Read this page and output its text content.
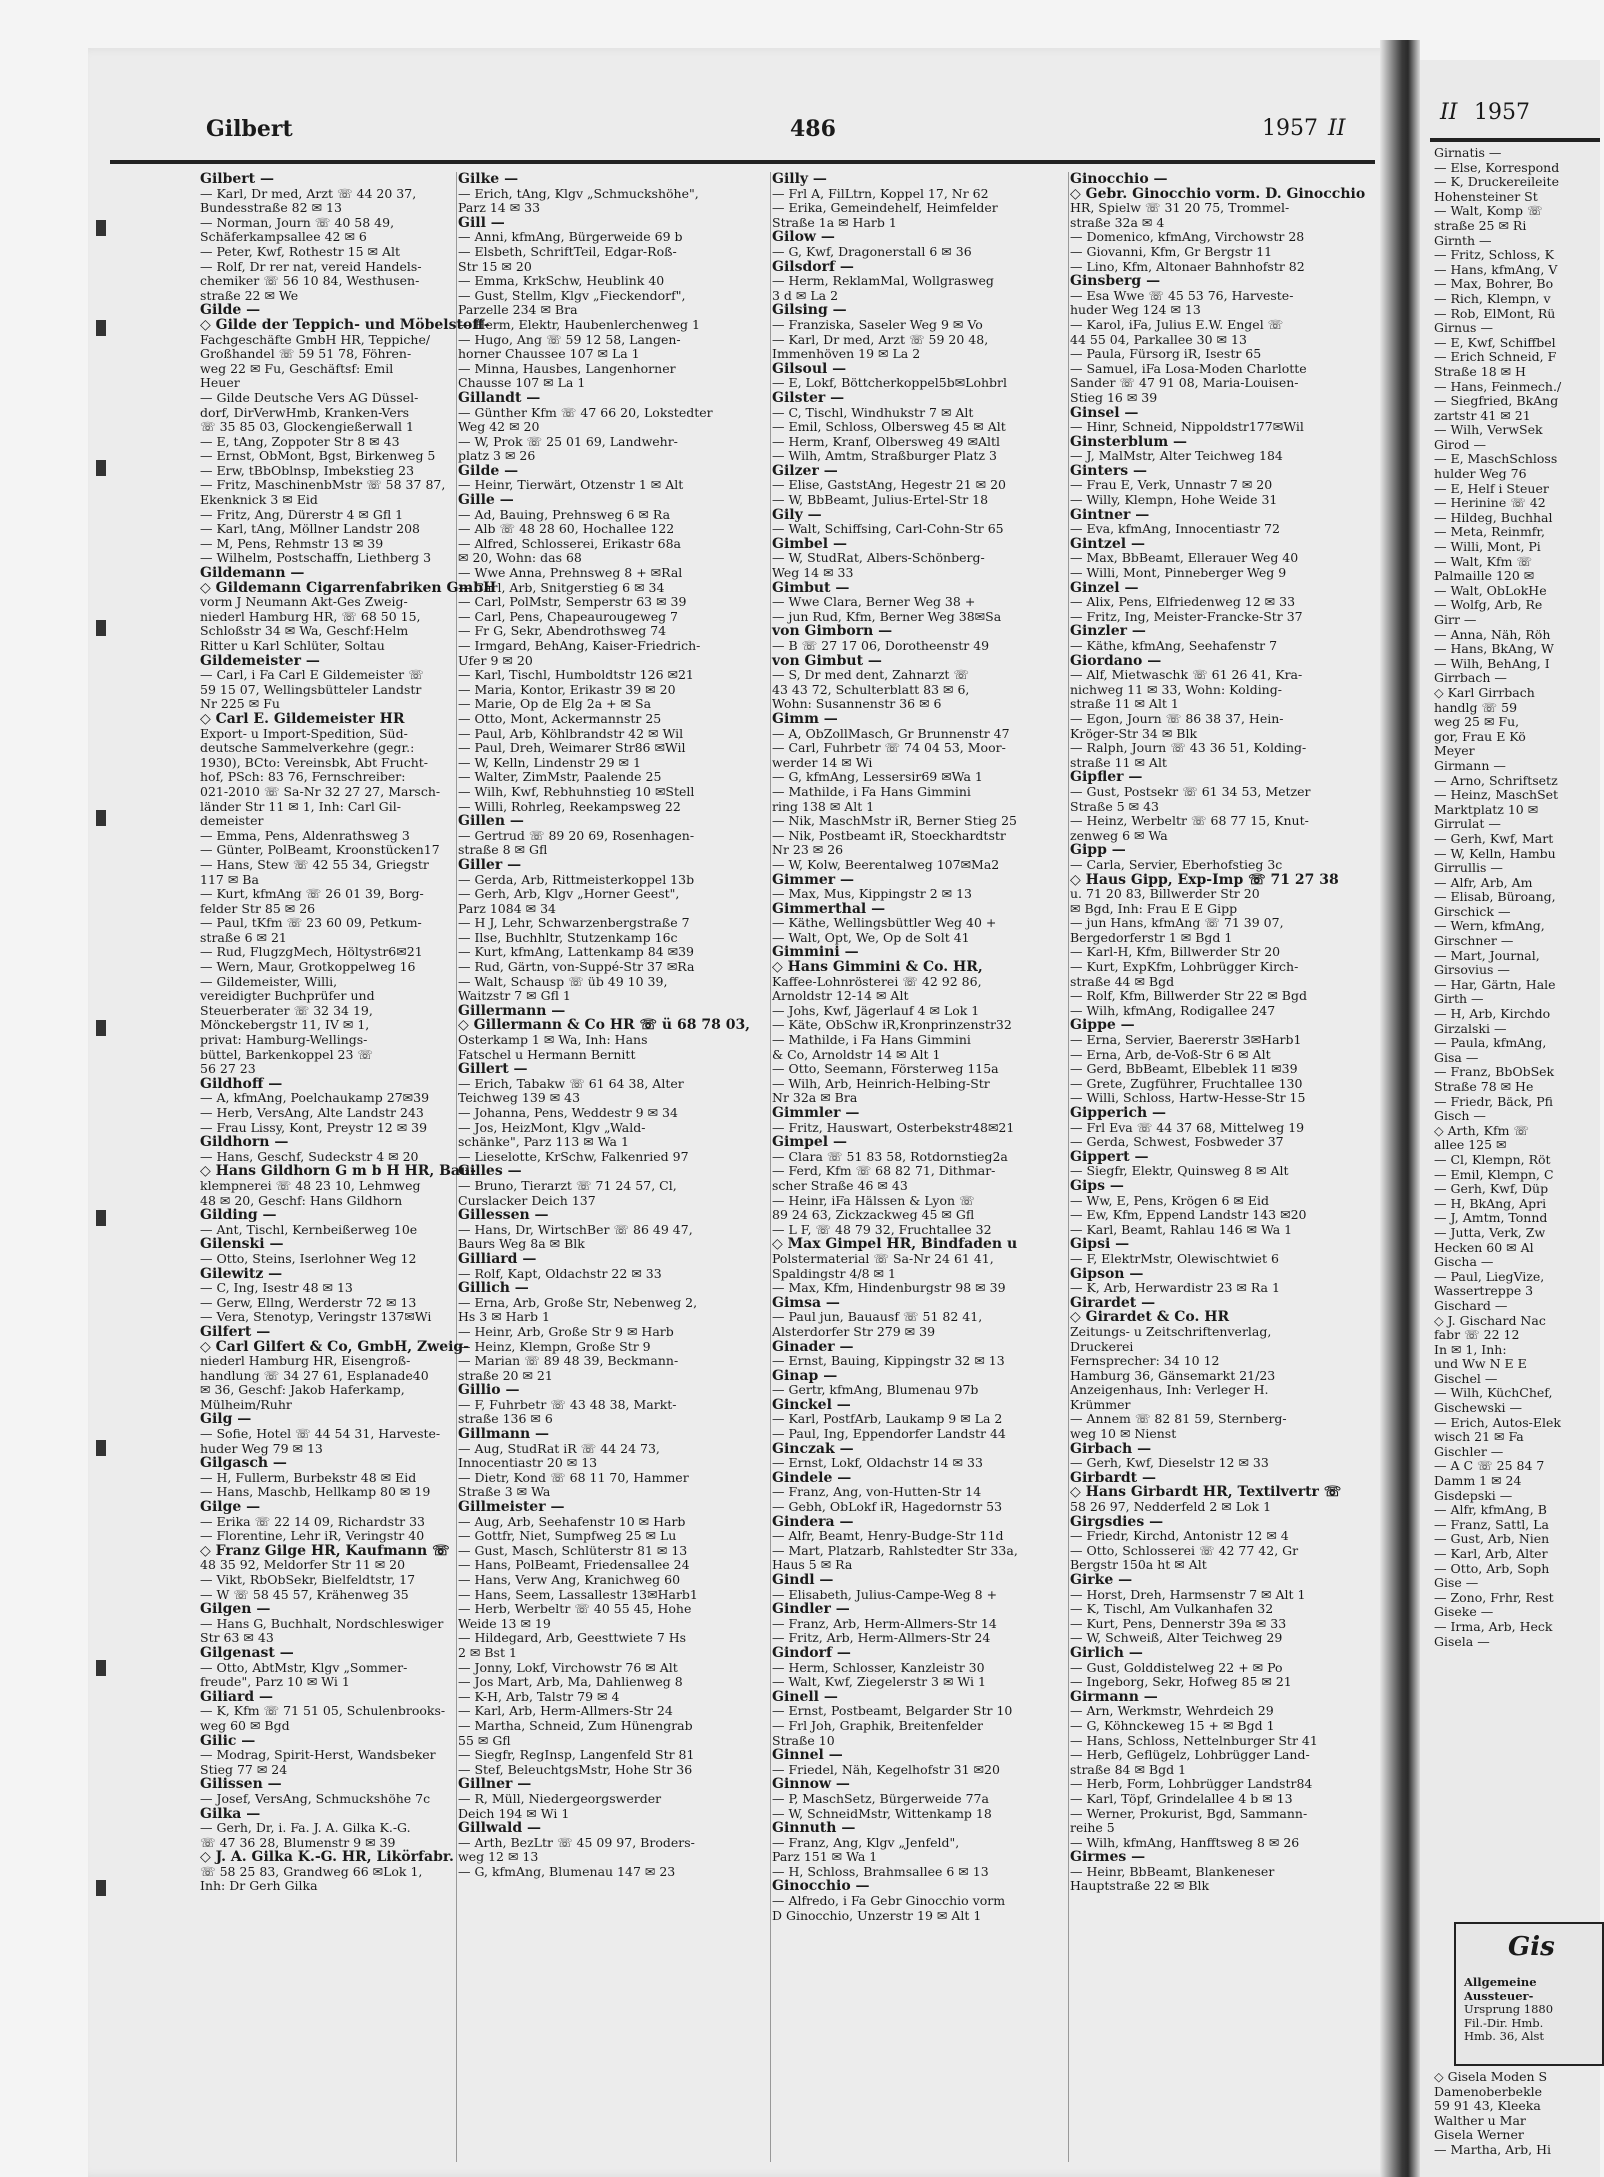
Gilbert	486	1957 II
Gilbert —
— Karl, Dr med, Arzt ☏ 44 20 37,
Bundesstraße 82 ✉ 13
— Norman, Journ ☏ 40 58 49,
Schäferkampsallee 42 ✉ 6
— Peter, Kwf, Rothestr 15 ✉ Alt
— Rolf, Dr rer nat, vereid Handels-
chemiker ☏ 56 10 84, Westhusen-
straße 22 ✉ We
Gilde —
◇ Gilde der Teppich- und Möbelstoff-
Fachgeschäfte GmbH HR, Teppiche/
Großhandel ☏ 59 51 78, Föhren-
weg 22 ✉ Fu, Geschäftsf: Emil
Heuer
— Gilde Deutsche Vers AG Düssel-
dorf, DirVerwHmb, Kranken-Vers
☏ 35 85 03, Glockengießerwall 1
— E, tAng, Zoppoter Str 8 ✉ 43
— Ernst, ObMont, Bgst, Birkenweg 5
— Erw, tBbOblnsp, Imbekstieg 23
— Fritz, MaschinenbMstr ☏ 58 37 87,
Ekenknick 3 ✉ Eid
— Fritz, Ang, Dürerstr 4 ✉ Gfl 1
— Karl, tAng, Möllner Landstr 208
— M, Pens, Rehmstr 13 ✉ 39
— Wilhelm, Postschaffn, Liethberg 3
Gildemann —
◇ Gildemann Cigarrenfabriken GmbH
vorm J Neumann Akt-Ges Zweig-
niederl Hamburg HR, ☏ 68 50 15,
Schloßstr 34 ✉ Wa, Geschf:Helm
Ritter u Karl Schlüter, Soltau
Gildemeister —
— Carl, i Fa Carl E Gildemeister ☏
59 15 07, Wellingsbütteler Landstr
Nr 225 ✉ Fu
◇ Carl E. Gildemeister HR
Export- u Import-Spedition, Süd-
deutsche Sammelverkehre (gegr.:
1930), BCto: Vereinsbk, Abt Frucht-
hof, PSch: 83 76, Fernschreiber:
021-2010 ☏ Sa-Nr 32 27 27, Marsch-
länder Str 11 ✉ 1, Inh: Carl Gil-
demeister
— Emma, Pens, Aldenrathsweg 3
— Günter, PolBeamt, Kroonstücken17
— Hans, Stew ☏ 42 55 34, Griegstr
117 ✉ Ba
— Kurt, kfmAng ☏ 26 01 39, Borg-
felder Str 85 ✉ 26
— Paul, tKfm ☏ 23 60 09, Petkum-
straße 6 ✉ 21
— Rud, FlugzgMech, Höltystr6✉21
— Wern, Maur, Grotkoppelweg 16
— Gildemeister, Willi,
vereidigter Buchprüfer und
Steuerberater ☏ 32 34 19,
Mönckebergstr 11, IV ✉ 1,
privat: Hamburg-Wellings-
büttel, Barkenkoppel 23 ☏
56 27 23
Gildhoff —
— A, kfmAng, Poelchaukamp 27✉39
— Herb, VersAng, Alte Landstr 243
— Frau Lissy, Kont, Preystr 12 ✉ 39
Gildhorn —
— Hans, Geschf, Sudeckstr 4 ✉ 20
◇ Hans Gildhorn G m b H HR, Bau-
klempnerei ☏ 48 23 10, Lehmweg
48 ✉ 20, Geschf: Hans Gildhorn
Gilding —
— Ant, Tischl, Kernbeißerweg 10e
Gilenski —
— Otto, Steins, Iserlohner Weg 12
Gilewitz —
— C, Ing, Isestr 48 ✉ 13
— Gerw, Ellng, Werderstr 72 ✉ 13
— Vera, Stenotyp, Veringstr 137✉Wi
Gilfert —
◇ Carl Gilfert & Co, GmbH, Zweig-
niederl Hamburg HR, Eisengroß-
handlung ☏ 34 27 61, Esplanade40
✉ 36, Geschf: Jakob Haferkamp,
Mülheim/Ruhr
Gilg —
— Sofie, Hotel ☏ 44 54 31, Harveste-
huder Weg 79 ✉ 13
Gilgasch —
— H, Fullerm, Burbekstr 48 ✉ Eid
— Hans, Maschb, Hellkamp 80 ✉ 19
Gilge —
— Erika ☏ 22 14 09, Richardstr 33
— Florentine, Lehr iR, Veringstr 40
◇ Franz Gilge HR, Kaufmann ☏
48 35 92, Meldorfer Str 11 ✉ 20
— Vikt, RbObSekr, Bielfeldtstr, 17
— W ☏ 58 45 57, Krähenweg 35
Gilgen —
— Hans G, Buchhalt, Nordschleswiger
Str 63 ✉ 43
Gilgenast —
— Otto, AbtMstr, Klgv „Sommer-
freude", Parz 10 ✉ Wi 1
Giliard —
— K, Kfm ☏ 71 51 05, Schulenbrooks-
weg 60 ✉ Bgd
Gilic —
— Modrag, Spirit-Herst, Wandsbeker
Stieg 77 ✉ 24
Gilissen —
— Josef, VersAng, Schmuckshöhe 7c
Gilka —
— Gerh, Dr, i. Fa. J. A. Gilka K.-G.
☏ 47 36 28, Blumenstr 9 ✉ 39
◇ J. A. Gilka K.-G. HR, Likörfabr.
☏ 58 25 83, Grandweg 66 ✉Lok 1,
Inh: Dr Gerh Gilka
Gilke —
— Erich, tAng, Klgv „Schmuckshöhe",
Parz 14 ✉ 33
Gill —
— Anni, kfmAng, Bürgerweide 69 b
— Elsbeth, SchriftTeil, Edgar-Roß-
Str 15 ✉ 20
— Emma, KrkSchw, Heublink 40
— Gust, Stellm, Klgv „Fieckendorf",
Parzelle 234 ✉ Bra
— Herm, Elektr, Haubenlerchenweg 1
— Hugo, Ang ☏ 59 12 58, Langen-
horner Chaussee 107 ✉ La 1
— Minna, Hausbes, Langenhorner
Chausse 107 ✉ La 1
Gillandt —
— Günther Kfm ☏ 47 66 20, Lokstedter
Weg 42 ✉ 20
— W, Prok ☏ 25 01 69, Landwehr-
platz 3 ✉ 26
Gilde —
— Heinr, Tierwärt, Otzenstr 1 ✉ Alt
Gille —
— Ad, Bauing, Prehnsweg 6 ✉ Ra
— Alb ☏ 48 28 60, Hochallee 122
— Alfred, Schlosserei, Erikastr 68a
✉ 20, Wohn: das 68
— Wwe Anna, Prehnsweg 8 + ✉Ral
— Carl, Arb, Snitgerstieg 6 ✉ 34
— Carl, PolMstr, Semperstr 63 ✉ 39
— Carl, Pens, Chapeaurougeweg 7
— Fr G, Sekr, Abendrothsweg 74
— Irmgard, BehAng, Kaiser-Friedrich-
Ufer 9 ✉ 20
— Karl, Tischl, Humboldtstr 126 ✉21
— Maria, Kontor, Erikastr 39 ✉ 20
— Marie, Op de Elg 2a + ✉ Sa
— Otto, Mont, Ackermannstr 25
— Paul, Arb, Köhlbrandstr 42 ✉ Wil
— Paul, Dreh, Weimarer Str86 ✉Wil
— W, Kelln, Lindenstr 29 ✉ 1
— Walter, ZimMstr, Paalende 25
— Wilh, Kwf, Rebhuhnstieg 10 ✉Stell
— Willi, Rohrleg, Reekampsweg 22
Gillen —
— Gertrud ☏ 89 20 69, Rosenhagen-
straße 8 ✉ Gfl
Giller —
— Gerda, Arb, Rittmeisterkoppel 13b
— Gerh, Arb, Klgv „Horner Geest",
Parz 1084 ✉ 34
— H J, Lehr, Schwarzenbergstraße 7
— Ilse, Buchhltr, Stutzenkamp 16c
— Kurt, kfmAng, Lattenkamp 84 ✉39
— Rud, Gärtn, von-Suppé-Str 37 ✉Ra
— Walt, Schausp ☏ üb 49 10 39,
Waitzstr 7 ✉ Gfl 1
Gillermann —
◇ Gillermann & Co HR ☏ ü 68 78 03,
Osterkamp 1 ✉ Wa, Inh: Hans
Fatschel u Hermann Bernitt
Gillert —
— Erich, Tabakw ☏ 61 64 38, Alter
Teichweg 139 ✉ 43
— Johanna, Pens, Weddestr 9 ✉ 34
— Jos, HeizMont, Klgv „Wald-
schänke", Parz 113 ✉ Wa 1
— Lieselotte, KrSchw, Falkenried 97
Gilles —
— Bruno, Tierarzt ☏ 71 24 57, Cl,
Curslacker Deich 137
Gillessen —
— Hans, Dr, WirtschBer ☏ 86 49 47,
Baurs Weg 8a ✉ Blk
Gilliard —
— Rolf, Kapt, Oldachstr 22 ✉ 33
Gillich —
— Erna, Arb, Große Str, Nebenweg 2,
Hs 3 ✉ Harb 1
— Heinr, Arb, Große Str 9 ✉ Harb
— Heinz, Klempn, Große Str 9
— Marian ☏ 89 48 39, Beckmann-
straße 20 ✉ 21
Gillio —
— F, Fuhrbetr ☏ 43 48 38, Markt-
straße 136 ✉ 6
Gillmann —
— Aug, StudRat iR ☏ 44 24 73,
Innocentiastr 20 ✉ 13
— Dietr, Kond ☏ 68 11 70, Hammer
Straße 3 ✉ Wa
Gillmeister —
— Aug, Arb, Seehafenstr 10 ✉ Harb
— Gottfr, Niet, Sumpfweg 25 ✉ Lu
— Gust, Masch, Schlüterstr 81 ✉ 13
— Hans, PolBeamt, Friedensallee 24
— Hans, Verw Ang, Kranichweg 60
— Hans, Seem, Lassallestr 13✉Harb1
— Herb, Werbeltr ☏ 40 55 45, Hohe
Weide 13 ✉ 19
— Hildegard, Arb, Geesttwiete 7 Hs
2 ✉ Bst 1
— Jonny, Lokf, Virchowstr 76 ✉ Alt
— Jos Mart, Arb, Ma, Dahlienweg 8
— K-H, Arb, Talstr 79 ✉ 4
— Karl, Arb, Herm-Allmers-Str 24
— Martha, Schneid, Zum Hünengrab
55 ✉ Gfl
— Siegfr, RegInsp, Langenfeld Str 81
— Stef, BeleuchtgsMstr, Hohe Str 36
Gillner —
— R, Müll, Niedergeorgswerder
Deich 194 ✉ Wi 1
Gillwald —
— Arth, BezLtr ☏ 45 09 97, Broders-
weg 12 ✉ 13
— G, kfmAng, Blumenau 147 ✉ 23
Gilly —
— Frl A, FilLtrn, Koppel 17, Nr 62
— Erika, Gemeindehelf, Heimfelder
Straße 1a ✉ Harb 1
Gilow —
— G, Kwf, Dragonerstall 6 ✉ 36
Gilsdorf —
— Herm, ReklamMal, Wollgrasweg
3 d ✉ La 2
Gilsing —
— Franziska, Saseler Weg 9 ✉ Vo
— Karl, Dr med, Arzt ☏ 59 20 48,
Immenhöven 19 ✉ La 2
Gilsoul —
— E, Lokf, Böttcherkoppel5b✉Lohbrl
Gilster —
— C, Tischl, Windhukstr 7 ✉ Alt
— Emil, Schloss, Olbersweg 45 ✉ Alt
— Herm, Kranf, Olbersweg 49 ✉Altl
— Wilh, Amtm, Straßburger Platz 3
Gilzer —
— Elise, GaststAng, Hegestr 21 ✉ 20
— W, BbBeamt, Julius-Ertel-Str 18
Gily —
— Walt, Schiffsing, Carl-Cohn-Str 65
Gimbel —
— W, StudRat, Albers-Schönberg-
Weg 14 ✉ 33
Gimbut —
— Wwe Clara, Berner Weg 38 +
— jun Rud, Kfm, Berner Weg 38✉Sa
von Gimborn —
— B ☏ 27 17 06, Dorotheenstr 49
von Gimbut —
— S, Dr med dent, Zahnarzt ☏
43 43 72, Schulterblatt 83 ✉ 6,
Wohn: Susannenstr 36 ✉ 6
Gimm —
— A, ObZollMasch, Gr Brunnenstr 47
— Carl, Fuhrbetr ☏ 74 04 53, Moor-
werder 14 ✉ Wi
— G, kfmAng, Lessersir69 ✉Wa 1
— Mathilde, i Fa Hans Gimmini
ring 138 ✉ Alt 1
— Nik, MaschMstr iR, Berner Stieg 25
— Nik, Postbeamt iR, Stoeckhardtstr
Nr 23 ✉ 26
— W, Kolw, Beerentalweg 107✉Ma2
Gimmer —
— Max, Mus, Kippingstr 2 ✉ 13
Gimmerthal —
— Käthe, Wellingsbüttler Weg 40 +
— Walt, Opt, We, Op de Solt 41
Gimmini —
◇ Hans Gimmini & Co. HR,
Kaffee-Lohnrösterei ☏ 42 92 86,
Arnoldstr 12-14 ✉ Alt
— Johs, Kwf, Jägerlauf 4 ✉ Lok 1
— Käte, ObSchw iR,Kronprinzenstr32
— Mathilde, i Fa Hans Gimmini
& Co, Arnoldstr 14 ✉ Alt 1
— Otto, Seemann, Försterweg 115a
— Wilh, Arb, Heinrich-Helbing-Str
Nr 32a ✉ Bra
Gimmler —
— Fritz, Hauswart, Osterbekstr48✉21
Gimpel —
— Clara ☏ 51 83 58, Rotdornstieg2a
— Ferd, Kfm ☏ 68 82 71, Dithmar-
scher Straße 46 ✉ 43
— Heinr, iFa Hälssen & Lyon ☏
89 24 63, Zickzackweg 45 ✉ Gfl
— L F, ☏ 48 79 32, Fruchtallee 32
◇ Max Gimpel HR, Bindfaden u
Polstermaterial ☏ Sa-Nr 24 61 41,
Spaldingstr 4/8 ✉ 1
— Max, Kfm, Hindenburgstr 98 ✉ 39
Gimsa —
— Paul jun, Bauausf ☏ 51 82 41,
Alsterdorfer Str 279 ✉ 39
Ginader —
— Ernst, Bauing, Kippingstr 32 ✉ 13
Ginap —
— Gertr, kfmAng, Blumenau 97b
Ginckel —
— Karl, PostfArb, Laukamp 9 ✉ La 2
— Paul, Ing, Eppendorfer Landstr 44
Ginczak —
— Ernst, Lokf, Oldachstr 14 ✉ 33
Gindele —
— Franz, Ang, von-Hutten-Str 14
— Gebh, ObLokf iR, Hagedornstr 53
Gindera —
— Alfr, Beamt, Henry-Budge-Str 11d
— Mart, Platzarb, Rahlstedter Str 33a,
Haus 5 ✉ Ra
Gindl —
— Elisabeth, Julius-Campe-Weg 8 +
Gindler —
— Franz, Arb, Herm-Allmers-Str 14
— Fritz, Arb, Herm-Allmers-Str 24
Gindorf —
— Herm, Schlosser, Kanzleistr 30
— Walt, Kwf, Ziegelerstr 3 ✉ Wi 1
Ginell —
— Ernst, Postbeamt, Belgarder Str 10
— Frl Joh, Graphik, Breitenfelder
Straße 10
Ginnel —
— Friedel, Näh, Kegelhofstr 31 ✉20
Ginnow —
— P, MaschSetz, Bürgerweide 77a
— W, SchneidMstr, Wittenkamp 18
Ginnuth —
— Franz, Ang, Klgv „Jenfeld",
Parz 151 ✉ Wa 1
— H, Schloss, Brahmsallee 6 ✉ 13
Ginocchio —
— Alfredo, i Fa Gebr Ginocchio vorm
D Ginocchio, Unzerstr 19 ✉ Alt 1
Ginocchio —
◇ Gebr. Ginocchio vorm. D. Ginocchio
HR, Spielw ☏ 31 20 75, Trommel-
straße 32a ✉ 4
— Domenico, kfmAng, Virchowstr 28
— Giovanni, Kfm, Gr Bergstr 11
— Lino, Kfm, Altonaer Bahnhofstr 82
Ginsberg —
— Esa Wwe ☏ 45 53 76, Harveste-
huder Weg 124 ✉ 13
— Karol, iFa, Julius E.W. Engel ☏
44 55 04, Parkallee 30 ✉ 13
— Paula, Fürsorg iR, Isestr 65
— Samuel, iFa Losa-Moden Charlotte
Sander ☏ 47 91 08, Maria-Louisen-
Stieg 16 ✉ 39
Ginsel —
— Hinr, Schneid, Nippoldstr177✉Wil
Ginsterblum —
— J, MalMstr, Alter Teichweg 184
Ginters —
— Frau E, Verk, Unnastr 7 ✉ 20
— Willy, Klempn, Hohe Weide 31
Gintner —
— Eva, kfmAng, Innocentiastr 72
Gintzel —
— Max, BbBeamt, Ellerauer Weg 40
— Willi, Mont, Pinneberger Weg 9
Ginzel —
— Alix, Pens, Elfriedenweg 12 ✉ 33
— Fritz, Ing, Meister-Francke-Str 37
Ginzler —
— Käthe, kfmAng, Seehafenstr 7
Giordano —
— Alf, Mietwaschk ☏ 61 26 41, Kra-
nichweg 11 ✉ 33, Wohn: Kolding-
straße 11 ✉ Alt 1
— Egon, Journ ☏ 86 38 37, Hein-
Kröger-Str 34 ✉ Blk
— Ralph, Journ ☏ 43 36 51, Kolding-
straße 11 ✉ Alt
Gipfler —
— Gust, Postsekr ☏ 61 34 53, Metzer
Straße 5 ✉ 43
— Heinz, Werbeltr ☏ 68 77 15, Knut-
zenweg 6 ✉ Wa
Gipp —
— Carla, Servier, Eberhofstieg 3c
◇ Haus Gipp, Exp-Imp ☏ 71 27 38
u. 71 20 83, Billwerder Str 20
✉ Bgd, Inh: Frau E E Gipp
— jun Hans, kfmAng ☏ 71 39 07,
Bergedorferstr 1 ✉ Bgd 1
— Karl-H, Kfm, Billwerder Str 20
— Kurt, ExpKfm, Lohbrügger Kirch-
straße 44 ✉ Bgd
— Rolf, Kfm, Billwerder Str 22 ✉ Bgd
— Wilh, kfmAng, Rodigallee 247
Gippe —
— Erna, Servier, Baererstr 3✉Harb1
— Erna, Arb, de-Voß-Str 6 ✉ Alt
— Gerd, BbBeamt, Elbeblek 11 ✉39
— Grete, Zugführer, Fruchtallee 130
— Willi, Schloss, Hartw-Hesse-Str 15
Gipperich —
— Frl Eva ☏ 44 37 68, Mittelweg 19
— Gerda, Schwest, Fosbweder 37
Gippert —
— Siegfr, Elektr, Quinsweg 8 ✉ Alt
Gips —
— Ww, E, Pens, Krögen 6 ✉ Eid
— Ew, Kfm, Eppend Landstr 143 ✉20
— Karl, Beamt, Rahlau 146 ✉ Wa 1
Gipsi —
— F, ElektrMstr, Olewischtwiet 6
Gipson —
— K, Arb, Herwardistr 23 ✉ Ra 1
Girardet —
◇ Girardet & Co. HR
Zeitungs- u Zeitschriftenverlag,
Druckerei
Fernsprecher: 34 10 12
Hamburg 36, Gänsemarkt 21/23
Anzeigenhaus, Inh: Verleger H.
Krümmer
— Annem ☏ 82 81 59, Sternberg-
weg 10 ✉ Nienst
Girbach —
— Gerh, Kwf, Dieselstr 12 ✉ 33
Girbardt —
◇ Hans Girbardt HR, Textilvertr ☏
58 26 97, Nedderfeld 2 ✉ Lok 1
Girgsdies —
— Friedr, Kirchd, Antonistr 12 ✉ 4
— Otto, Schlosserei ☏ 42 77 42, Gr
Bergstr 150a ht ✉ Alt
Girke —
— Horst, Dreh, Harmsenstr 7 ✉ Alt 1
— K, Tischl, Am Vulkanhafen 32
— Kurt, Pens, Dennerstr 39a ✉ 33
— W, Schweiß, Alter Teichweg 29
Girlich —
— Gust, Golddistelweg 22 + ✉ Po
— Ingeborg, Sekr, Hofweg 85 ✉ 21
Girmann —
— Arn, Werkmstr, Wehrdeich 29
— G, Köhnckeweg 15 + ✉ Bgd 1
— Hans, Schloss, Nettelnburger Str 41
— Herb, Geflügelz, Lohbrügger Land-
straße 84 ✉ Bgd 1
— Herb, Form, Lohbrügger Landstr84
— Karl, Töpf, Grindelallee 4 b ✉ 13
— Werner, Prokurist, Bgd, Sammann-
reihe 5
— Wilh, kfmAng, Hanfftsweg 8 ✉ 26
Girmes —
— Heinr, BbBeamt, Blankeneser
Hauptstraße 22 ✉ Blk
II 1957
Girnatis —
— Else, Korrespond
— K, Druckereileite
Hohensteiner St
— Walt, Komp ☏
straße 25 ✉ Ri
Girnth —
— Fritz, Schloss, K
— Hans, kfmAng, V
— Max, Bohrer, Bo
— Rich, Klempn, v
— Rob, ElMont, Rü
Girnus —
— E, Kwf, Schiffbel
— Erich Schneid, F
Straße 18 ✉ H
— Hans, Feinmech./
— Siegfried, BkAng
zartstr 41 ✉ 21
— Wilh, VerwSek
Girod —
— E, MaschSchloss
hulder Weg 76
— E, Helf i Steuer
— Herinine ☏ 42
— Hildeg, Buchhal
— Meta, Reinmfr,
— Willi, Mont, Pi
— Walt, Kfm ☏
Palmaille 120 ✉
— Walt, ObLokHe
— Wolfg, Arb, Re
Girr —
— Anna, Näh, Röh
— Hans, BkAng, W
— Wilh, BehAng, I
Girrbach —
◇ Karl Girrbach
handlg ☏ 59
weg 25 ✉ Fu,
gor, Frau E Kö
Meyer
Girmann —
— Arno, Schriftsetz
— Heinz, MaschSet
Marktplatz 10 ✉
Girrulat —
— Gerh, Kwf, Mart
— W, Kelln, Hambu
Girrullis —
— Alfr, Arb, Am
— Elisab, Büroang,
Girschick —
— Wern, kfmAng,
Girschner —
— Mart, Journal,
Girsovius —
— Har, Gärtn, Hale
Girth —
— H, Arb, Kirchdo
Girzalski —
— Paula, kfmAng,
Gisa —
— Franz, BbObSek
Straße 78 ✉ He
— Friedr, Bäck, Pfi
Gisch —
◇ Arth, Kfm ☏
allee 125 ✉
— Cl, Klempn, Röt
— Emil, Klempn, C
— Gerh, Kwf, Düp
— H, BkAng, Apri
— J, Amtm, Tonnd
— Jutta, Verk, Zw
Hecken 60 ✉ Al
Gischa —
— Paul, LiegVize,
Wassertreppe 3
Gischard —
◇ J. Gischard Nac
fabr ☏ 22 12
In ✉ 1, Inh:
und Ww N E E
Gischel —
— Wilh, KüchChef,
Gischewski —
— Erich, Autos-Elek
wisch 21 ✉ Fa
Gischler —
— A C ☏ 25 84 7
Damm 1 ✉ 24
Gisdepski —
— Alfr, kfmAng, B
— Franz, Sattl, La
— Gust, Arb, Nien
— Karl, Arb, Alter
— Otto, Arb, Soph
Gise —
— Zono, Frhr, Rest
Giseke —
— Irma, Arb, Heck
Gisela —
Gis
Allgemeine
Aussteuer-
Ursprung 1880
Fil.-Dir. Hmb.
Hmb. 36, Alst
◇ Gisela Moden S
Damenoberbekle
59 91 43, Kleeka
Walther u Mar
Gisela Werner
— Martha, Arb, Hi
